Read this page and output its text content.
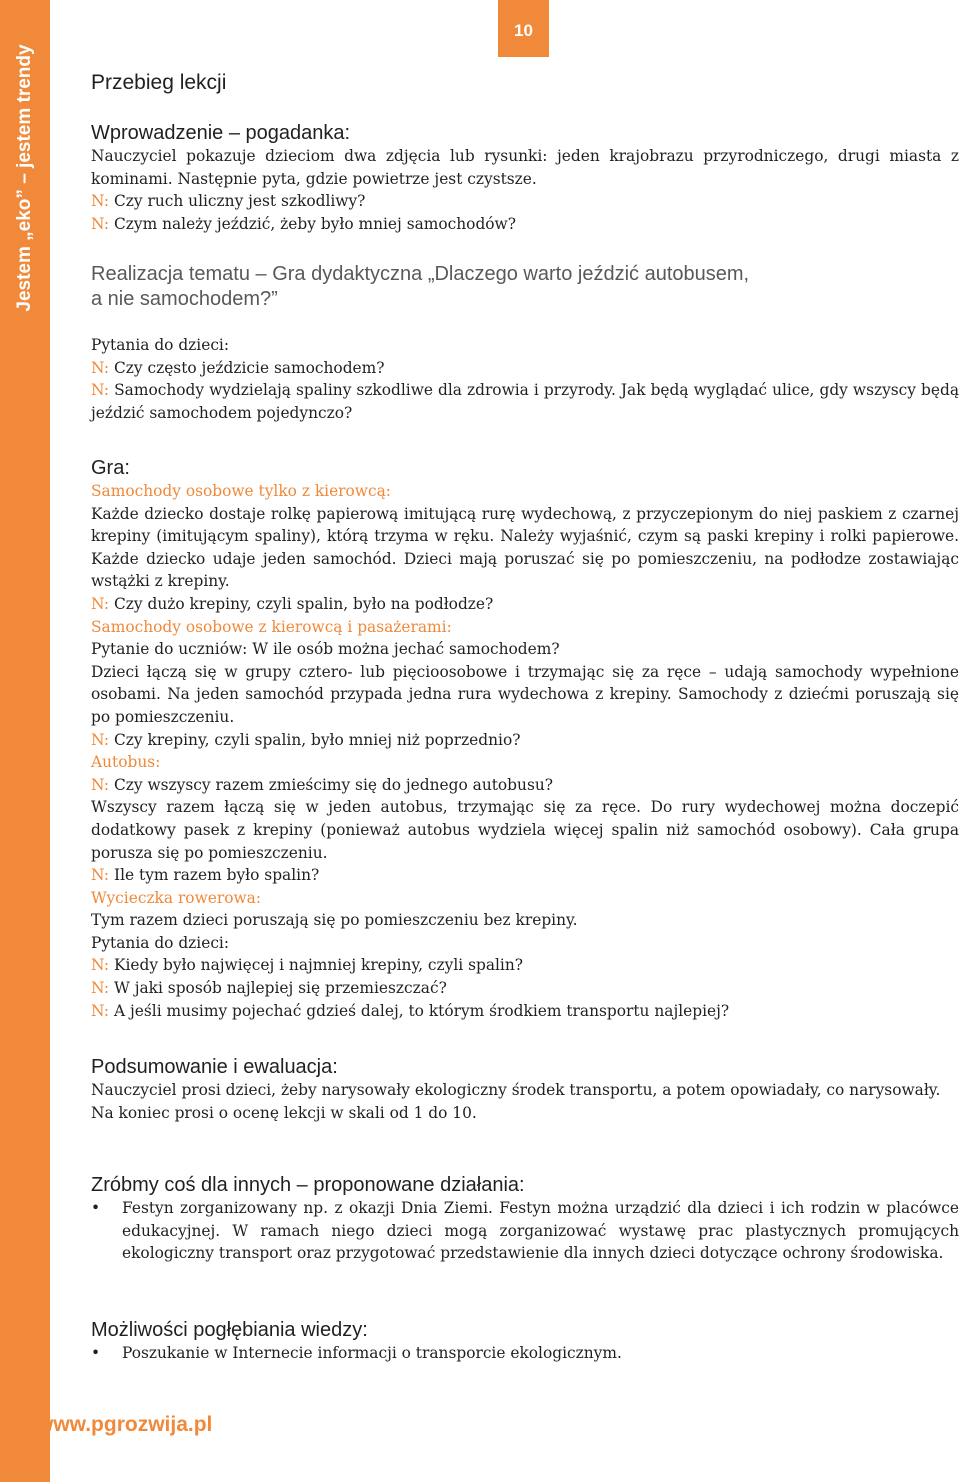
Jestem „eko” – jestem trendy
10
Przebieg lekcji
Wprowadzenie – pogadanka:

Nauczyciel pokazuje dzieciom dwa zdjęcia lub rysunki: jeden krajobrazu przyrodniczego, drugi miasta z kominami. Następnie pyta, gdzie powietrze jest czystsze.

N: Czy ruch uliczny jest szkodliwy?

N: Czym należy jeździć, żeby było mniej samochodów?

Realizacja tematu – Gra dydaktyczna „Dlaczego warto jeździć autobusem,
a nie samochodem?”

Pytania do dzieci:

N: Czy często jeździcie samochodem?

N: Samochody wydzielają spaliny szkodliwe dla zdrowia i przyrody. Jak będą wyglądać ulice, gdy wszyscy będą jeździć samochodem pojedynczo?

Gra:

Samochody osobowe tylko z kierowcą:

Każde dziecko dostaje rolkę papierową imitującą rurę wydechową, z przyczepionym do niej paskiem z czarnej krepiny (imitującym spaliny), którą trzyma w ręku. Należy wyjaśnić, czym są paski krepiny i rolki papierowe. Każde dziecko udaje jeden samochód. Dzieci mają poruszać się po pomieszczeniu, na podłodze zostawiając wstążki z krepiny.

N: Czy dużo krepiny, czyli spalin, było na podłodze?

Samochody osobowe z kierowcą i pasażerami:

Pytanie do uczniów: W ile osób można jechać samochodem?

Dzieci łączą się w grupy cztero- lub pięcioosobowe i trzymając się za ręce – udają samochody wypełnione osobami. Na jeden samochód przypada jedna rura wydechowa z krepiny. Samochody z dziećmi poruszają się po pomieszczeniu.

N: Czy krepiny, czyli spalin, było mniej niż poprzednio?

Autobus:

N: Czy wszyscy razem zmieścimy się do jednego autobusu?

Wszyscy razem łączą się w jeden autobus, trzymając się za ręce. Do rury wydechowej można doczepić dodatkowy pasek z krepiny (ponieważ autobus wydziela więcej spalin niż samochód osobowy). Cała grupa porusza się po pomieszczeniu.

N: Ile tym razem było spalin?

Wycieczka rowerowa:

Tym razem dzieci poruszają się po pomieszczeniu bez krepiny.

Pytania do dzieci:

N: Kiedy było najwięcej i najmniej krepiny, czyli spalin?

N: W jaki sposób najlepiej się przemieszczać?

N: A jeśli musimy pojechać gdzieś dalej, to którym środkiem transportu najlepiej?

Podsumowanie i ewaluacja:

Nauczyciel prosi dzieci, żeby narysowały ekologiczny środek transportu, a potem opowiadały, co narysowały.

Na koniec prosi o ocenę lekcji w skali od 1 do 10.

Zróbmy coś dla innych – proponowane działania:
• Festyn zorganizowany np. z okazji Dnia Ziemi. Festyn można urządzić dla dzieci i ich rodzin w placówce edukacyjnej. W ramach niego dzieci mogą zorganizować wystawę prac plastycznych promujących ekologiczny transport oraz przygotować przedstawienie dla innych dzieci dotyczące ochrony środowiska.
Możliwości pogłębiania wiedzy:
• Poszukanie w Internecie informacji o transporcie ekologicznym.
www.pgrozwija.pl
